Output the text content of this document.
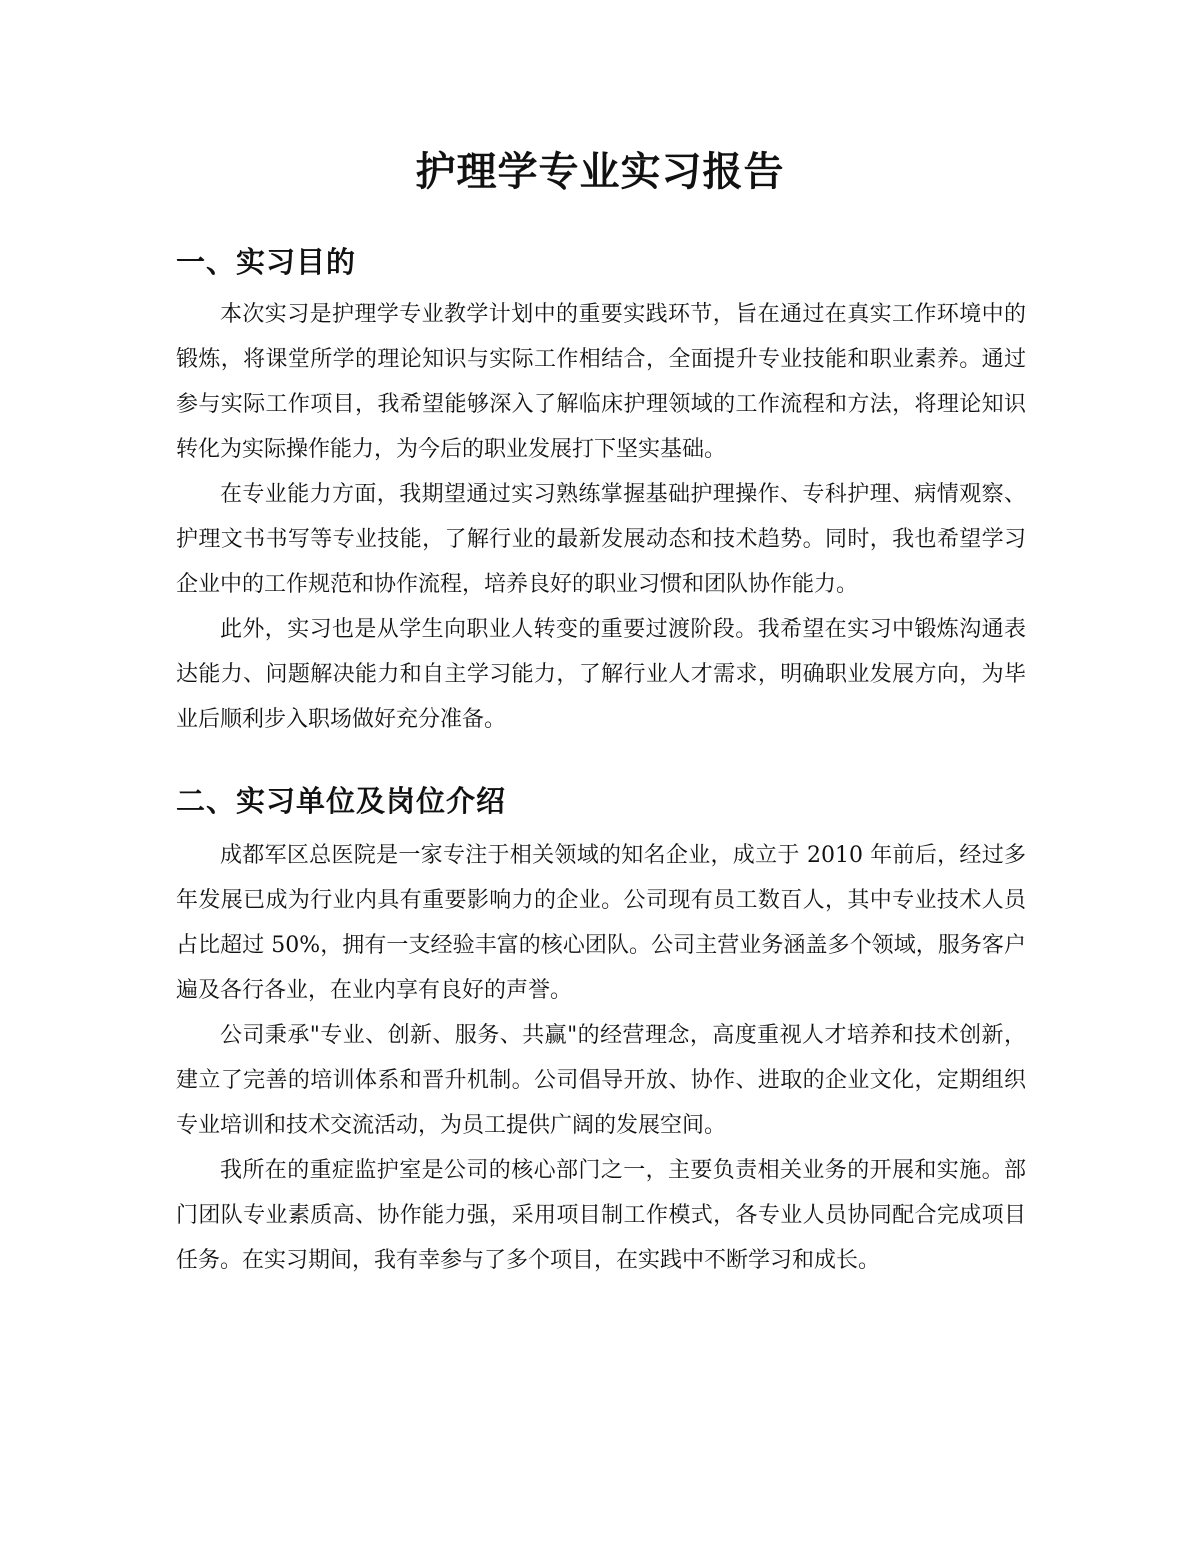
护理学专业实习报告
一、实习目的

本次实习是护理学专业教学计划中的重要实践环节，旨在通过在真实工作环境中的锻炼，将课堂所学的理论知识与实际工作相结合，全面提升专业技能和职业素养。通过参与实际工作项目，我希望能够深入了解临床护理领域的工作流程和方法，将理论知识转化为实际操作能力，为今后的职业发展打下坚实基础。

在专业能力方面，我期望通过实习熟练掌握基础护理操作、专科护理、病情观察、护理文书书写等专业技能，了解行业的最新发展动态和技术趋势。同时，我也希望学习企业中的工作规范和协作流程，培养良好的职业习惯和团队协作能力。

此外，实习也是从学生向职业人转变的重要过渡阶段。我希望在实习中锻炼沟通表达能力、问题解决能力和自主学习能力，了解行业人才需求，明确职业发展方向，为毕业后顺利步入职场做好充分准备。

二、实习单位及岗位介绍

成都军区总医院是一家专注于相关领域的知名企业，成立于 2010 年前后，经过多年发展已成为行业内具有重要影响力的企业。公司现有员工数百人，其中专业技术人员占比超过 50%，拥有一支经验丰富的核心团队。公司主营业务涵盖多个领域，服务客户遍及各行各业，在业内享有良好的声誉。

公司秉承"专业、创新、服务、共赢"的经营理念，高度重视人才培养和技术创新，建立了完善的培训体系和晋升机制。公司倡导开放、协作、进取的企业文化，定期组织专业培训和技术交流活动，为员工提供广阔的发展空间。

我所在的重症监护室是公司的核心部门之一，主要负责相关业务的开展和实施。部门团队专业素质高、协作能力强，采用项目制工作模式，各专业人员协同配合完成项目任务。在实习期间，我有幸参与了多个项目，在实践中不断学习和成长。
